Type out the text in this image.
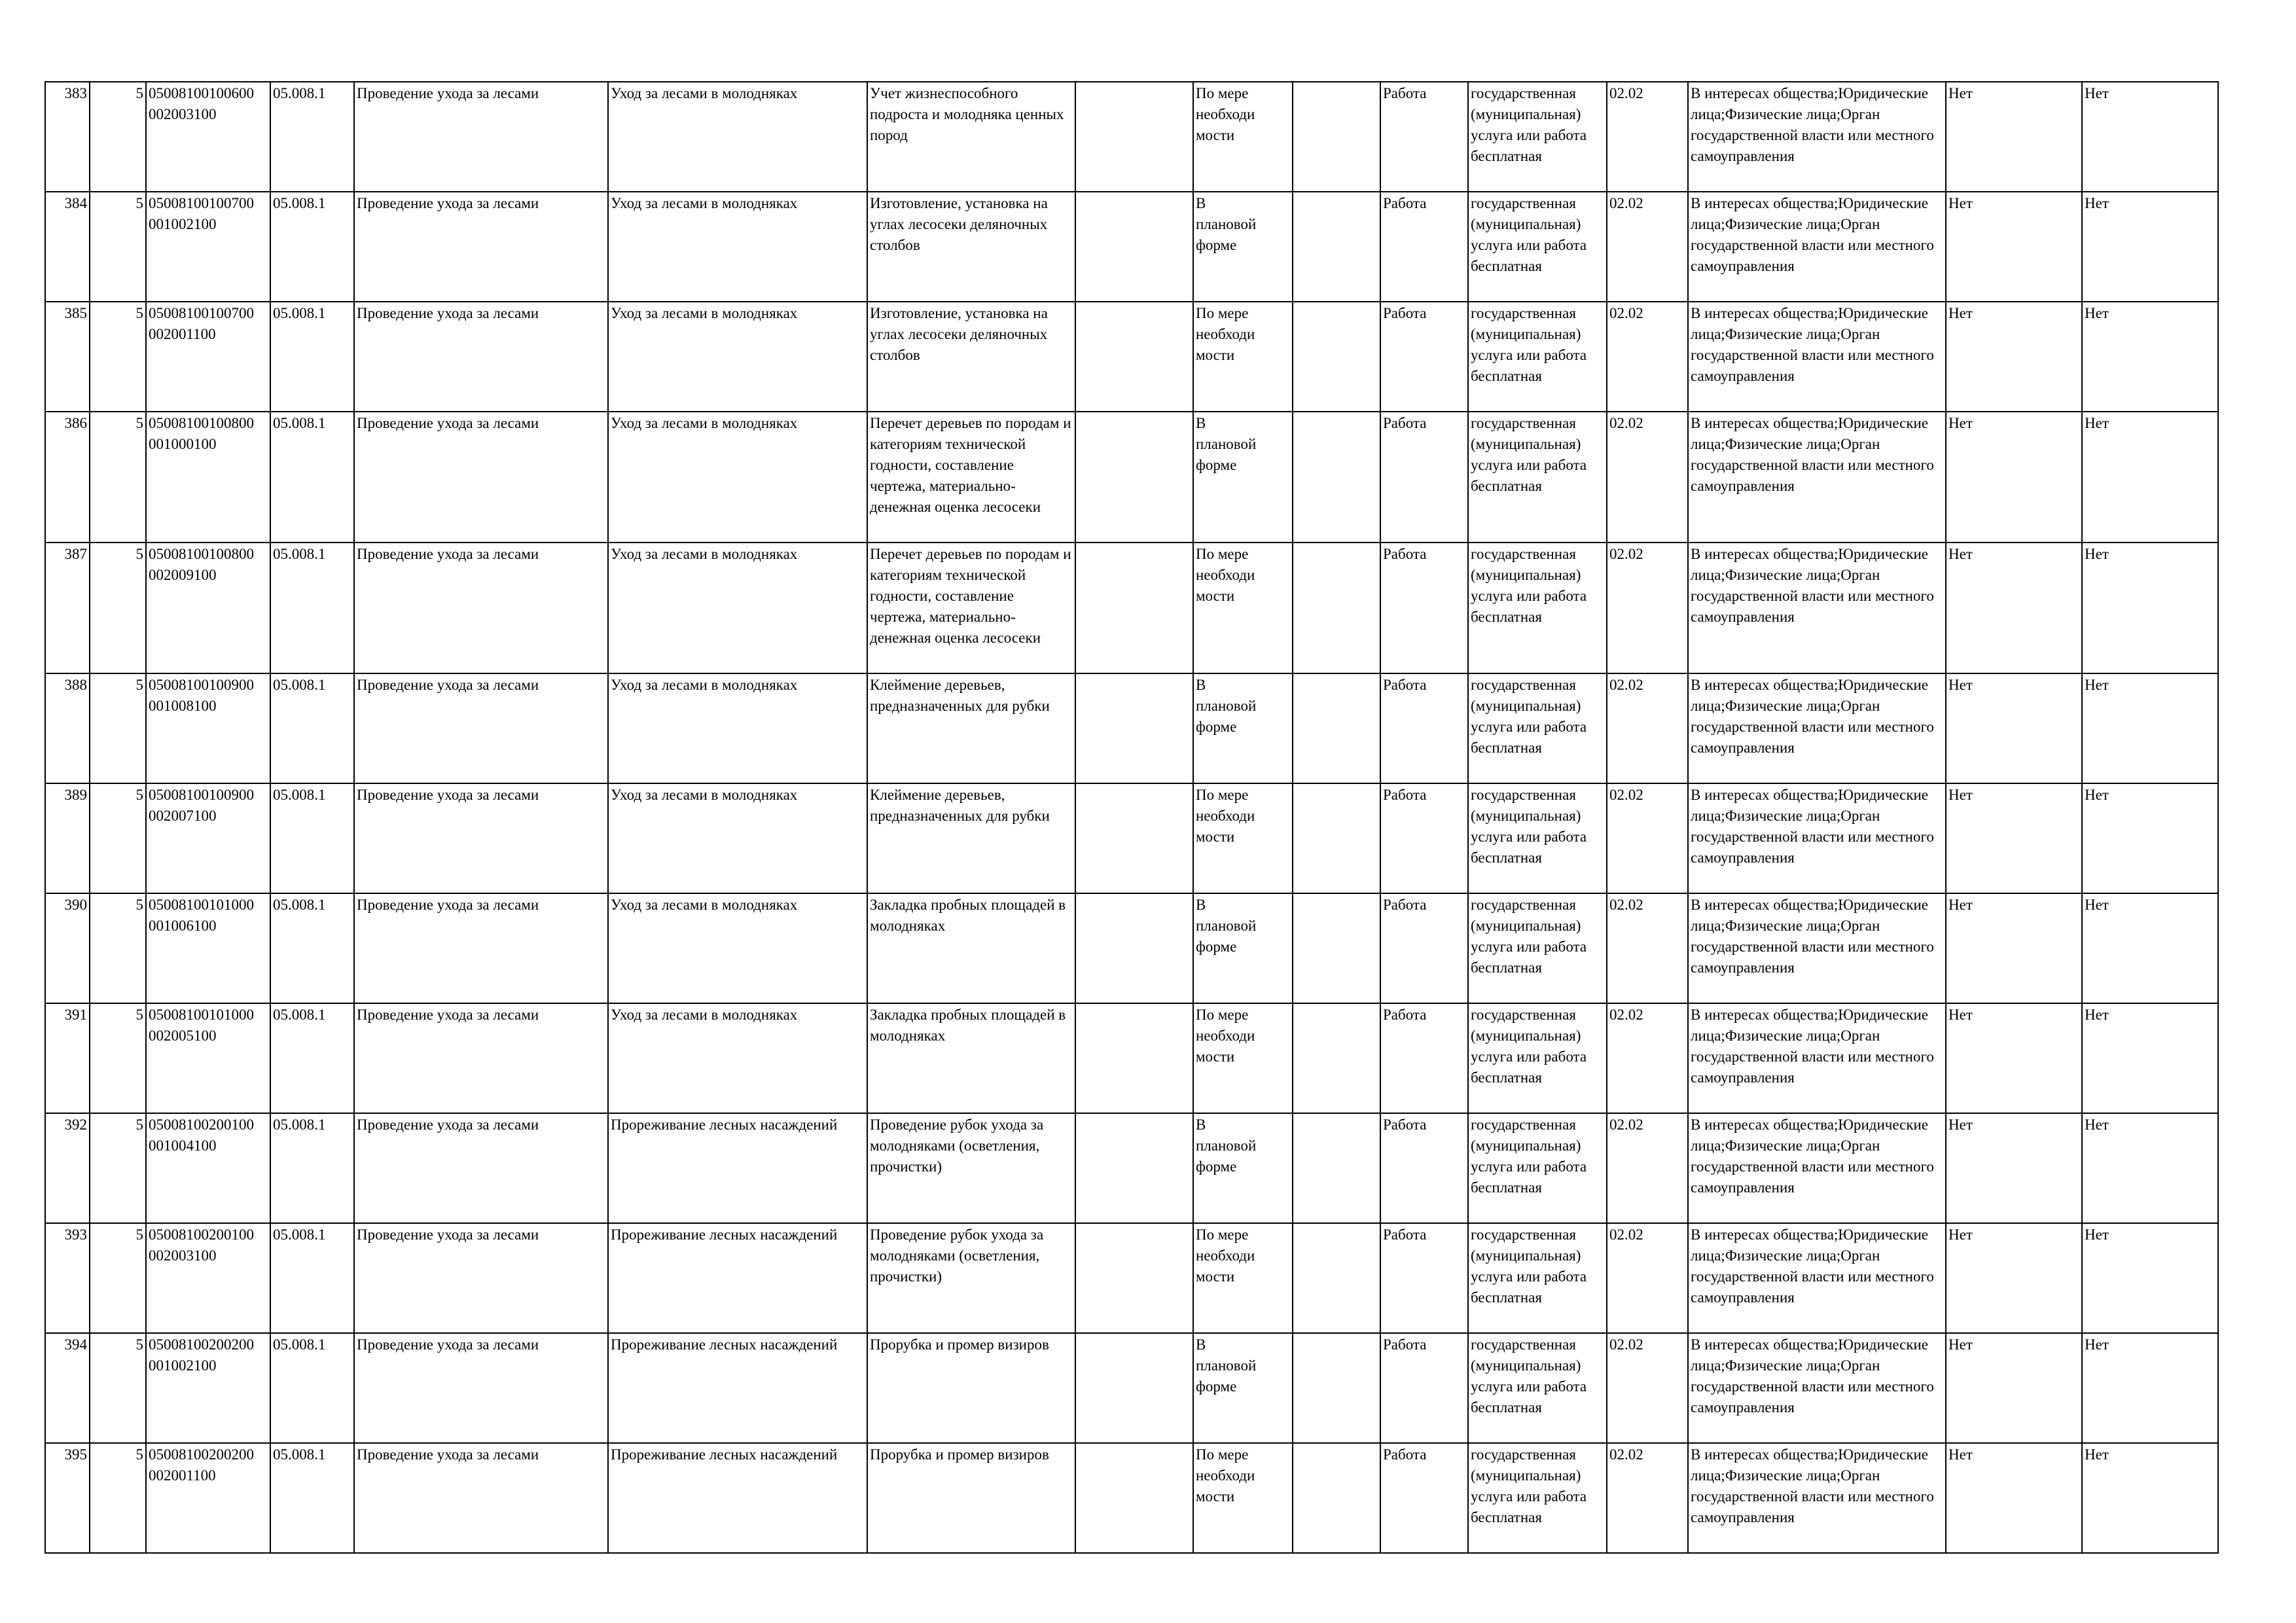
383	5	05008100100600
002003100	05.008.1	Проведение ухода за лесами	Уход за лесами в молодняках	Учет жизнеспособного подроста и молодняка ценных пород		По мере
необходи
мости		Работа	государственная (муниципальная) услуга или работа бесплатная	02.02	В интересах общества;Юридические лица;Физические лица;Орган государственной власти или местного самоуправления	Нет	Нет
384	5	05008100100700
001002100	05.008.1	Проведение ухода за лесами	Уход за лесами в молодняках	Изготовление, установка на углах лесосеки деляночных столбов		В
плановой
форме		Работа	государственная (муниципальная) услуга или работа бесплатная	02.02	В интересах общества;Юридические лица;Физические лица;Орган государственной власти или местного самоуправления	Нет	Нет
385	5	05008100100700
002001100	05.008.1	Проведение ухода за лесами	Уход за лесами в молодняках	Изготовление, установка на углах лесосеки деляночных столбов		По мере
необходи
мости		Работа	государственная (муниципальная) услуга или работа бесплатная	02.02	В интересах общества;Юридические лица;Физические лица;Орган государственной власти или местного самоуправления	Нет	Нет
386	5	05008100100800
001000100	05.008.1	Проведение ухода за лесами	Уход за лесами в молодняках	Перечет деревьев по породам и категориям технической годности, составление чертежа, материально-денежная оценка лесосеки		В
плановой
форме		Работа	государственная (муниципальная) услуга или работа бесплатная	02.02	В интересах общества;Юридические лица;Физические лица;Орган государственной власти или местного самоуправления	Нет	Нет
387	5	05008100100800
002009100	05.008.1	Проведение ухода за лесами	Уход за лесами в молодняках	Перечет деревьев по породам и категориям технической годности, составление чертежа, материально-денежная оценка лесосеки		По мере
необходи
мости		Работа	государственная (муниципальная) услуга или работа бесплатная	02.02	В интересах общества;Юридические лица;Физические лица;Орган государственной власти или местного самоуправления	Нет	Нет
388	5	05008100100900
001008100	05.008.1	Проведение ухода за лесами	Уход за лесами в молодняках	Клеймение деревьев, предназначенных для рубки		В
плановой
форме		Работа	государственная (муниципальная) услуга или работа бесплатная	02.02	В интересах общества;Юридические лица;Физические лица;Орган государственной власти или местного самоуправления	Нет	Нет
389	5	05008100100900
002007100	05.008.1	Проведение ухода за лесами	Уход за лесами в молодняках	Клеймение деревьев, предназначенных для рубки		По мере
необходи
мости		Работа	государственная (муниципальная) услуга или работа бесплатная	02.02	В интересах общества;Юридические лица;Физические лица;Орган государственной власти или местного самоуправления	Нет	Нет
390	5	05008100101000
001006100	05.008.1	Проведение ухода за лесами	Уход за лесами в молодняках	Закладка пробных площадей в молодняках		В
плановой
форме		Работа	государственная (муниципальная) услуга или работа бесплатная	02.02	В интересах общества;Юридические лица;Физические лица;Орган государственной власти или местного самоуправления	Нет	Нет
391	5	05008100101000
002005100	05.008.1	Проведение ухода за лесами	Уход за лесами в молодняках	Закладка пробных площадей в молодняках		По мере
необходи
мости		Работа	государственная (муниципальная) услуга или работа бесплатная	02.02	В интересах общества;Юридические лица;Физические лица;Орган государственной власти или местного самоуправления	Нет	Нет
392	5	05008100200100
001004100	05.008.1	Проведение ухода за лесами	Прореживание лесных насаждений	Проведение рубок ухода за молодняками (осветления, прочистки)		В
плановой
форме		Работа	государственная (муниципальная) услуга или работа бесплатная	02.02	В интересах общества;Юридические лица;Физические лица;Орган государственной власти или местного самоуправления	Нет	Нет
393	5	05008100200100
002003100	05.008.1	Проведение ухода за лесами	Прореживание лесных насаждений	Проведение рубок ухода за молодняками (осветления, прочистки)		По мере
необходи
мости		Работа	государственная (муниципальная) услуга или работа бесплатная	02.02	В интересах общества;Юридические лица;Физические лица;Орган государственной власти или местного самоуправления	Нет	Нет
394	5	05008100200200
001002100	05.008.1	Проведение ухода за лесами	Прореживание лесных насаждений	Прорубка и промер визиров		В
плановой
форме		Работа	государственная (муниципальная) услуга или работа бесплатная	02.02	В интересах общества;Юридические лица;Физические лица;Орган государственной власти или местного самоуправления	Нет	Нет
395	5	05008100200200
002001100	05.008.1	Проведение ухода за лесами	Прореживание лесных насаждений	Прорубка и промер визиров		По мере
необходи
мости		Работа	государственная (муниципальная) услуга или работа бесплатная	02.02	В интересах общества;Юридические лица;Физические лица;Орган государственной власти или местного самоуправления	Нет	Нет
